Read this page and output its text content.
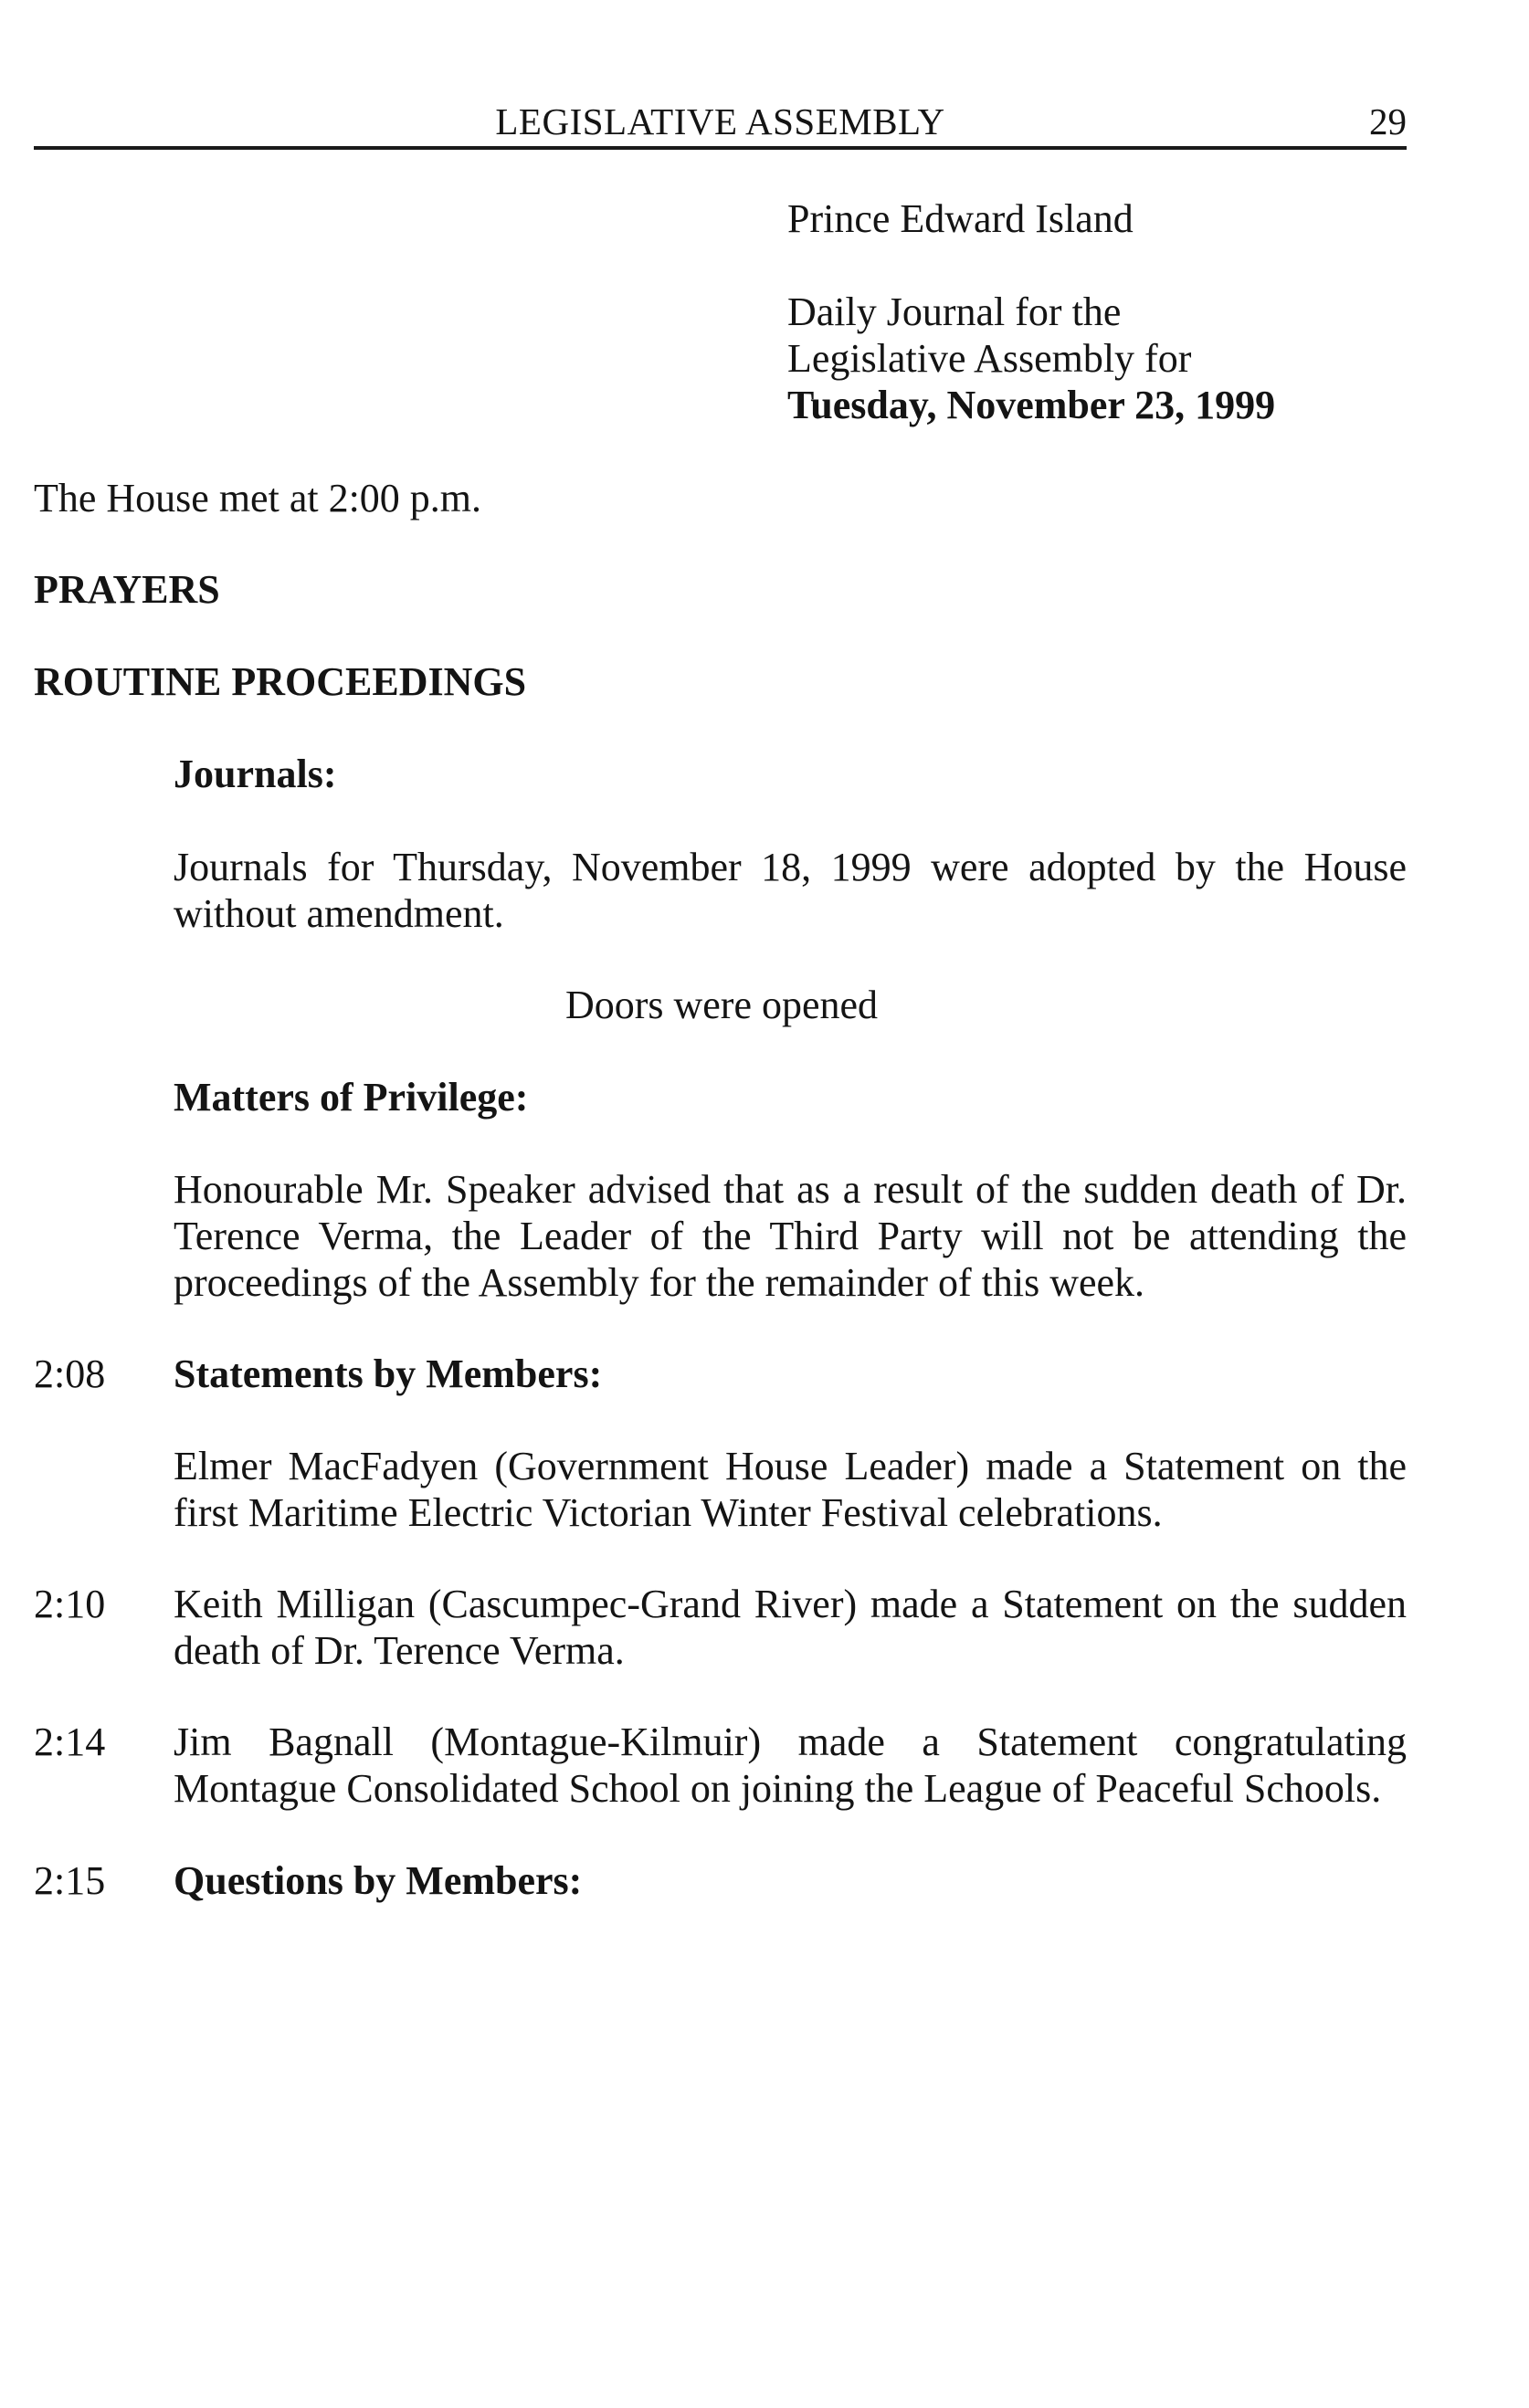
LEGISLATIVE ASSEMBLY	29
Prince Edward Island
Daily Journal for the
Legislative Assembly for
Tuesday, November 23, 1999
The House met at 2:00 p.m.
PRAYERS
ROUTINE PROCEEDINGS
Journals:
Journals for Thursday, November 18, 1999 were adopted by the House
without amendment.
Doors were opened
Matters of Privilege:
Honourable Mr. Speaker advised that as a result of the sudden death of Dr.
Terence Verma, the Leader of the Third Party will not be attending the
proceedings of the Assembly for the remainder of this week.
2:08 Statements by Members:
Elmer MacFadyen (Government House Leader) made a Statement on the
first Maritime Electric Victorian Winter Festival celebrations.
2:10 Keith Milligan (Cascumpec-Grand River) made a Statement on the sudden
death of Dr. Terence Verma.
2:14 Jim Bagnall (Montague-Kilmuir) made a Statement congratulating
Montague Consolidated School on joining the League of Peaceful Schools.
2:15 Questions by Members:
